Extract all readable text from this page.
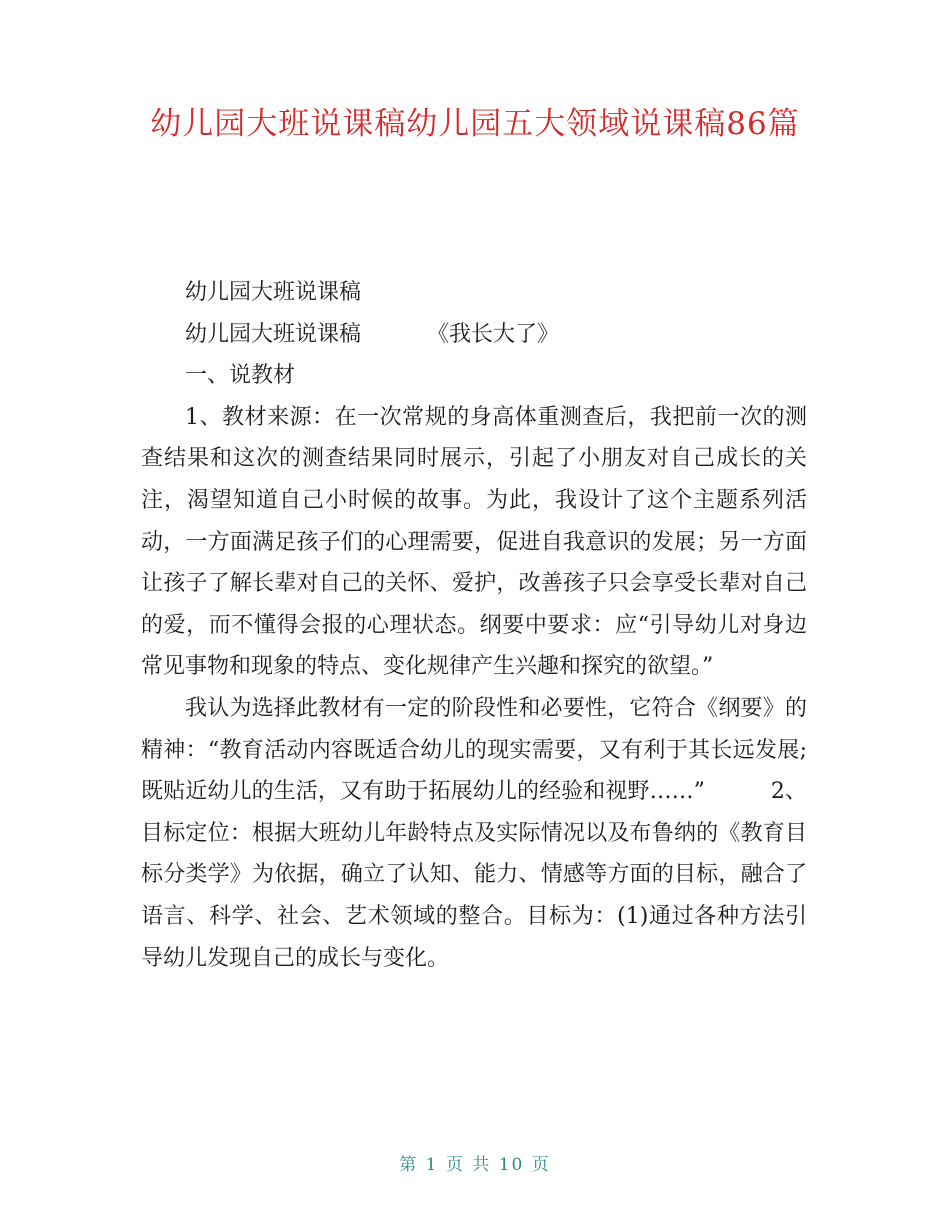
幼儿园大班说课稿幼儿园五大领域说课稿86篇

幼儿园大班说课稿

幼儿园大班说课稿	《我长大了》

一、说教材

1、教材来源：在一次常规的身高体重测查后，我把前一次的测查结果和这次的测查结果同时展示，引起了小朋友对自己成长的关注，渴望知道自己小时候的故事。为此，我设计了这个主题系列活动，一方面满足孩子们的心理需要，促进自我意识的发展；另一方面让孩子了解长辈对自己的关怀、爱护，改善孩子只会享受长辈对自己的爱，而不懂得会报的心理状态。纲要中要求：应“引导幼儿对身边常见事物和现象的特点、变化规律产生兴趣和探究的欲望。”

我认为选择此教材有一定的阶段性和必要性，它符合《纲要》的精神：“教育活动内容既适合幼儿的现实需要，又有利于其长远发展;既贴近幼儿的生活，又有助于拓展幼儿的经验和视野……”	2、目标定位：根据大班幼儿年龄特点及实际情况以及布鲁纳的《教育目标分类学》为依据，确立了认知、能力、情感等方面的目标，融合了语言、科学、社会、艺术领域的整合。目标为：(1)通过各种方法引导幼儿发现自己的成长与变化。

第 1 页 共 10 页
